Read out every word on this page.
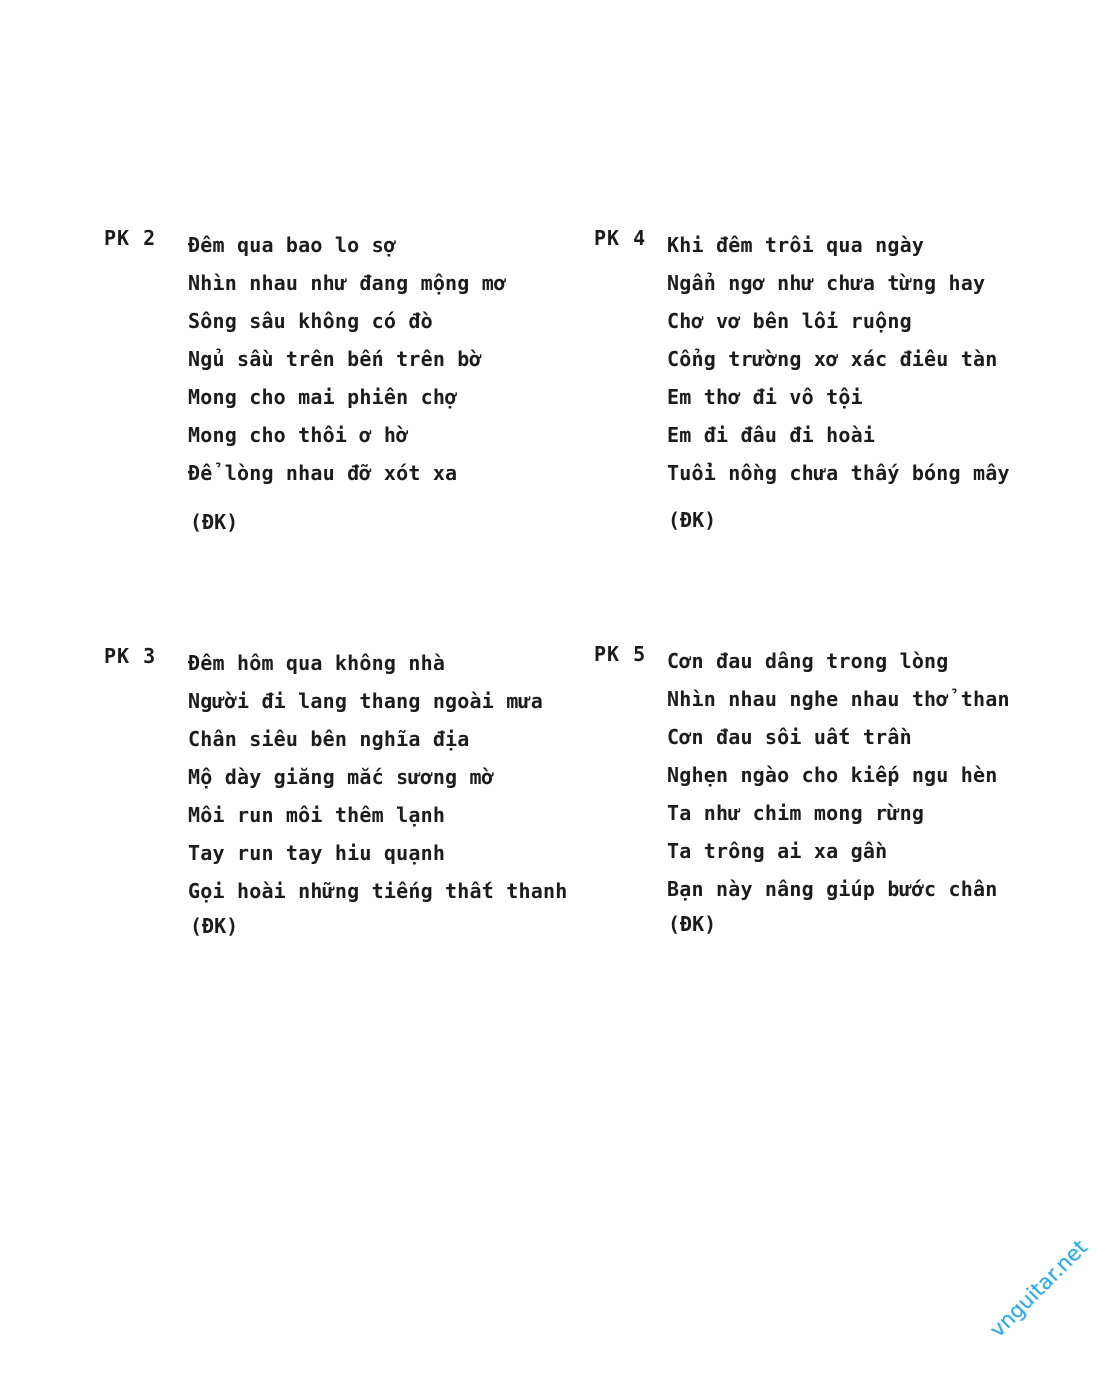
PK 2 Đêm qua bao lo sợ
Nhìn nhau như đang mộng mơ
Sông sâu không có đò
Ngủ sầu trên bến trên bờ
Mong cho mai phiên chợ
Mong cho thôi ơ hờ
Để lòng nhau đỡ xót xa
(ĐK)
PK 4 Khi đêm trôi qua ngày
Ngẩn ngơ như chưa từng hay
Chơ vơ bên lối ruộng
Cổng trường xơ xác điêu tàn
Em thơ đi vô tội
Em đi đâu đi hoài
Tuổi nồng chưa thấy bóng mây
(ĐK)
PK 3 Đêm hôm qua không nhà
Người đi lang thang ngoài mưa
Chân siêu bên nghĩa địa
Mộ dày giăng mắc sương mờ
Môi run môi thêm lạnh
Tay run tay hiu quạnh
Gọi hoài những tiếng thất thanh
(ĐK)
PK 5 Cơn đau dâng trong lòng
Nhìn nhau nghe nhau thở than
Cơn đau sôi uất trần
Nghẹn ngào cho kiếp ngu hèn
Ta như chim mong rừng
Ta trông ai xa gần
Bạn này nâng giúp bước chân
(ĐK)
vnguitar.net
